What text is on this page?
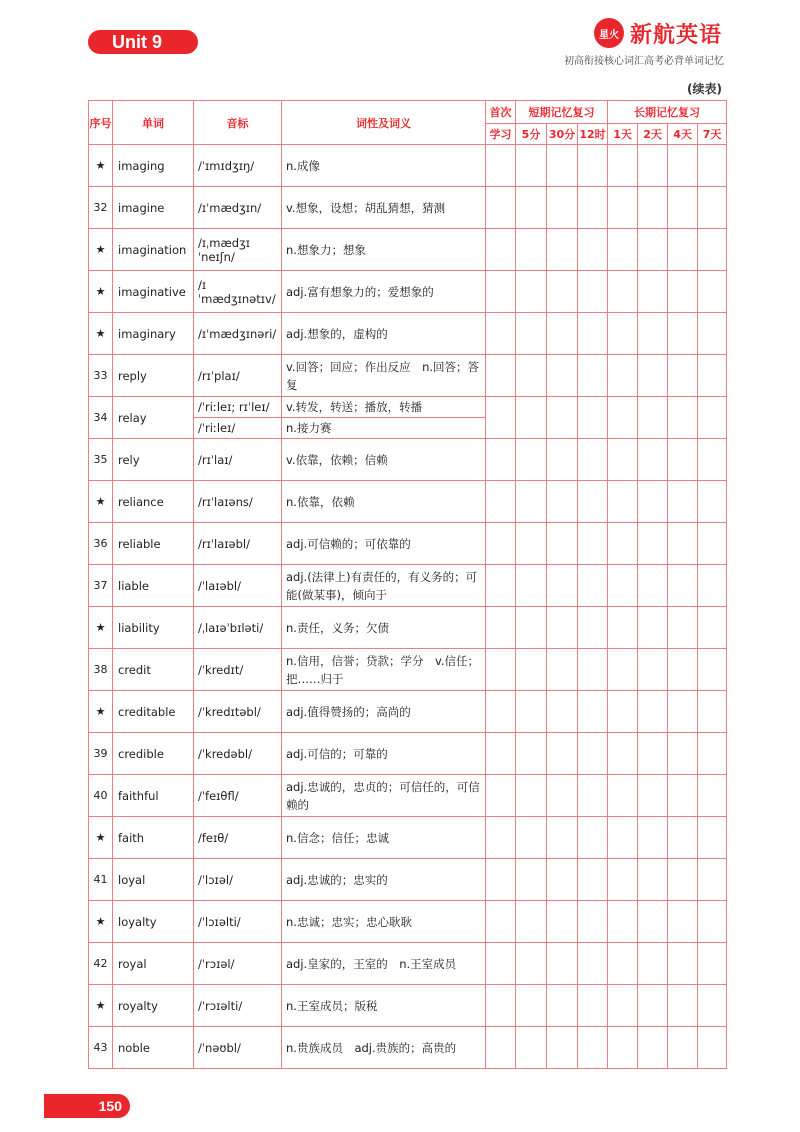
Unit 9	星火 新航英语
初高衔接核心词汇高考必背单词记忆
(续表)
序号	单词	音标	词性及词义	首次	短期记忆复习			长期记忆复习			
				学习	5分	30分	12时	1天	2天	4天	7天
★	imaging	/ˈɪmɪdʒɪŋ/	n.成像								
32	imagine	/ɪˈmædʒɪn/	v.想象，设想；胡乱猜想，猜测								
★	imagination	/ɪˌmædʒɪˈneɪʃn/	n.想象力；想象								
★	imaginative	/ɪˈmædʒɪnətɪv/	adj.富有想象力的；爱想象的								
★	imaginary	/ɪˈmædʒɪnəri/	adj.想象的，虚构的								
33	reply	/rɪˈplaɪ/	v.回答；回应；作出反应　n.回答；答复								
34	relay	/ˈriːleɪ; rɪˈleɪ/	v.转发，转送；播放，转播								
		/ˈriːleɪ/	n.接力赛								
35	rely	/rɪˈlaɪ/	v.依靠，依赖；信赖								
★	reliance	/rɪˈlaɪəns/	n.依靠，依赖								
36	reliable	/rɪˈlaɪəbl/	adj.可信赖的；可依靠的								
37	liable	/ˈlaɪəbl/	adj.(法律上)有责任的，有义务的；可能(做某事)，倾向于								
★	liability	/ˌlaɪəˈbɪləti/	n.责任，义务；欠债								
38	credit	/ˈkredɪt/	n.信用，信誉；贷款；学分　v.信任；把……归于								
★	creditable	/ˈkredɪtəbl/	adj.值得赞扬的；高尚的								
39	credible	/ˈkredəbl/	adj.可信的；可靠的								
40	faithful	/ˈfeɪθfl/	adj.忠诚的，忠贞的；可信任的，可信赖的								
★	faith	/feɪθ/	n.信念；信任；忠诚								
41	loyal	/ˈlɔɪəl/	adj.忠诚的；忠实的								
★	loyalty	/ˈlɔɪəlti/	n.忠诚；忠实；忠心耿耿								
42	royal	/ˈrɔɪəl/	adj.皇家的，王室的　n.王室成员								
★	royalty	/ˈrɔɪəlti/	n.王室成员；版税								
43	noble	/ˈnəʊbl/	n.贵族成员　adj.贵族的；高贵的								
150
